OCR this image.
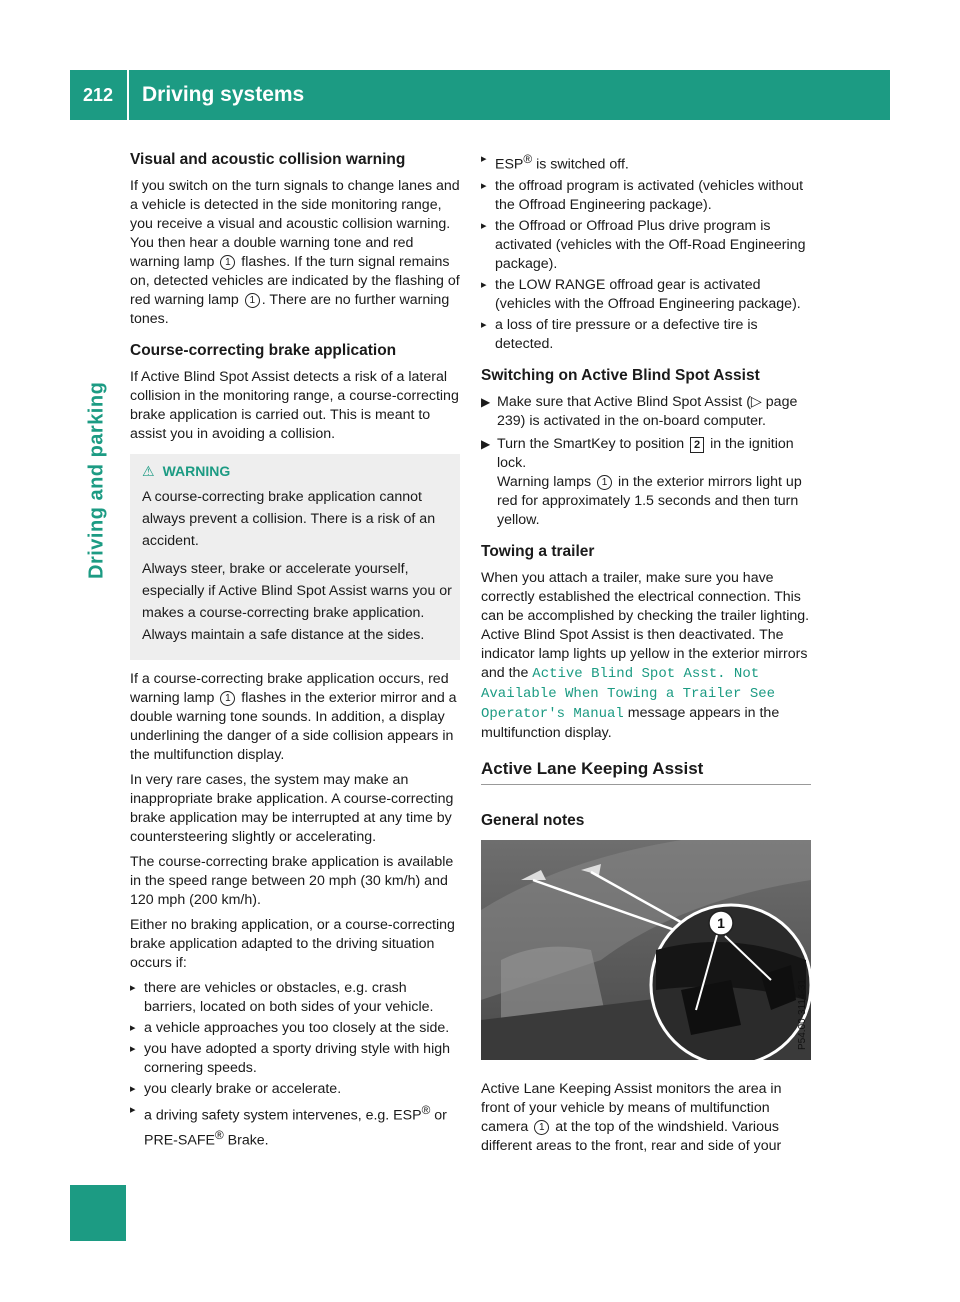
212	Driving systems
Driving and parking
Visual and acoustic collision warning

If you switch on the turn signals to change lanes and a vehicle is detected in the side monitoring range, you receive a visual and acoustic collision warning. You then hear a double warning tone and red warning lamp 1 flashes. If the turn signal remains on, detected vehicles are indicated by the flashing of red warning lamp 1 . There are no further warning tones.

Course-correcting brake application

If Active Blind Spot Assist detects a risk of a lateral collision in the monitoring range, a course-correcting brake application is carried out. This is meant to assist you in avoiding a collision.

⚠ WARNING

A course-correcting brake application cannot always prevent a collision. There is a risk of an accident.

Always steer, brake or accelerate yourself, especially if Active Blind Spot Assist warns you or makes a course-correcting brake application. Always maintain a safe distance at the sides.

If a course-correcting brake application occurs, red warning lamp 1 flashes in the exterior mirror and a double warning tone sounds. In addition, a display underlining the danger of a side collision appears in the multifunction display.

In very rare cases, the system may make an inappropriate brake application. A course-correcting brake application may be interrupted at any time by countersteering slightly or accelerating.

The course-correcting brake application is available in the speed range between 20 mph (30 km/h) and 120 mph (200 km/h).

Either no braking application, or a course-correcting brake application adapted to the driving situation occurs if:

▸ there are vehicles or obstacles, e.g. crash barriers, located on both sides of your vehicle.
▸ a vehicle approaches you too closely at the side.
▸ you have adopted a sporty driving style with high cornering speeds.
▸ you clearly brake or accelerate.
▸ a driving safety system intervenes, e.g. ESP® or PRE-SAFE® Brake.
▸ ESP® is switched off.
▸ the offroad program is activated (vehicles without the Offroad Engineering package).
▸ the Offroad or Offroad Plus drive program is activated (vehicles with the Off-Road Engineering package).
▸ the LOW RANGE offroad gear is activated (vehicles with the Offroad Engineering package).
▸ a loss of tire pressure or a defective tire is detected.
Switching on Active Blind Spot Assist
▶ Make sure that Active Blind Spot Assist (▷ page 239) is activated in the on-board computer.
▶ Turn the SmartKey to position 2 in the ignition lock.
Warning lamps 1 in the exterior mirrors light up red for approximately 1.5 seconds and then turn yellow.
Towing a trailer

When you attach a trailer, make sure you have correctly established the electrical connection. This can be accomplished by checking the trailer lighting. Active Blind Spot Assist is then deactivated. The indicator lamp lights up yellow in the exterior mirrors and the Active Blind Spot Asst. Not Available When Towing a Trailer See Operator's Manual message appears in the multifunction display.

Active Lane Keeping Assist
General notes
1
P54.00-3114-31

Active Lane Keeping Assist monitors the area in front of your vehicle by means of multifunction camera 1 at the top of the windshield. Various different areas to the front, rear and side of your
